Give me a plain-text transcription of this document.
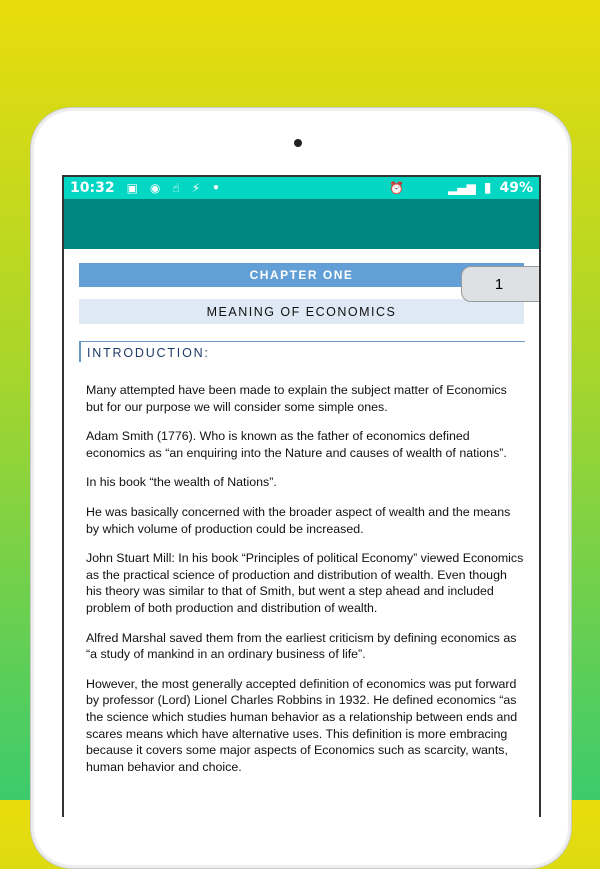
10:32 ▣ ◉ ☝ ⚡ •	⏰	▂▄▆ ▮ 49%
1
CHAPTER ONE
MEANING OF ECONOMICS
INTRODUCTION:

Many attempted have been made to explain the subject matter of Economics but for our purpose we will consider some simple ones.

Adam Smith (1776). Who is known as the father of economics defined economics as “an enquiring into the Nature and causes of wealth of nations”.

In his book “the wealth of Nations”.

He was basically concerned with the broader aspect of wealth and the means by which volume of production could be increased.

John Stuart Mill: In his book “Principles of political Economy” viewed Economics as the practical science of production and distribution of wealth. Even though his theory was similar to that of Smith, but went a step ahead and included problem of both production and distribution of wealth.

Alfred Marshal saved them from the earliest criticism by defining economics as “a study of mankind in an ordinary business of life”.

However, the most generally accepted definition of economics was put forward by professor (Lord) Lionel Charles Robbins in 1932. He defined economics “as the science which studies human behavior as a relationship between ends and scares means which have alternative uses. This definition is more embracing because it covers some major aspects of Economics such as scarcity, wants, human behavior and choice.
